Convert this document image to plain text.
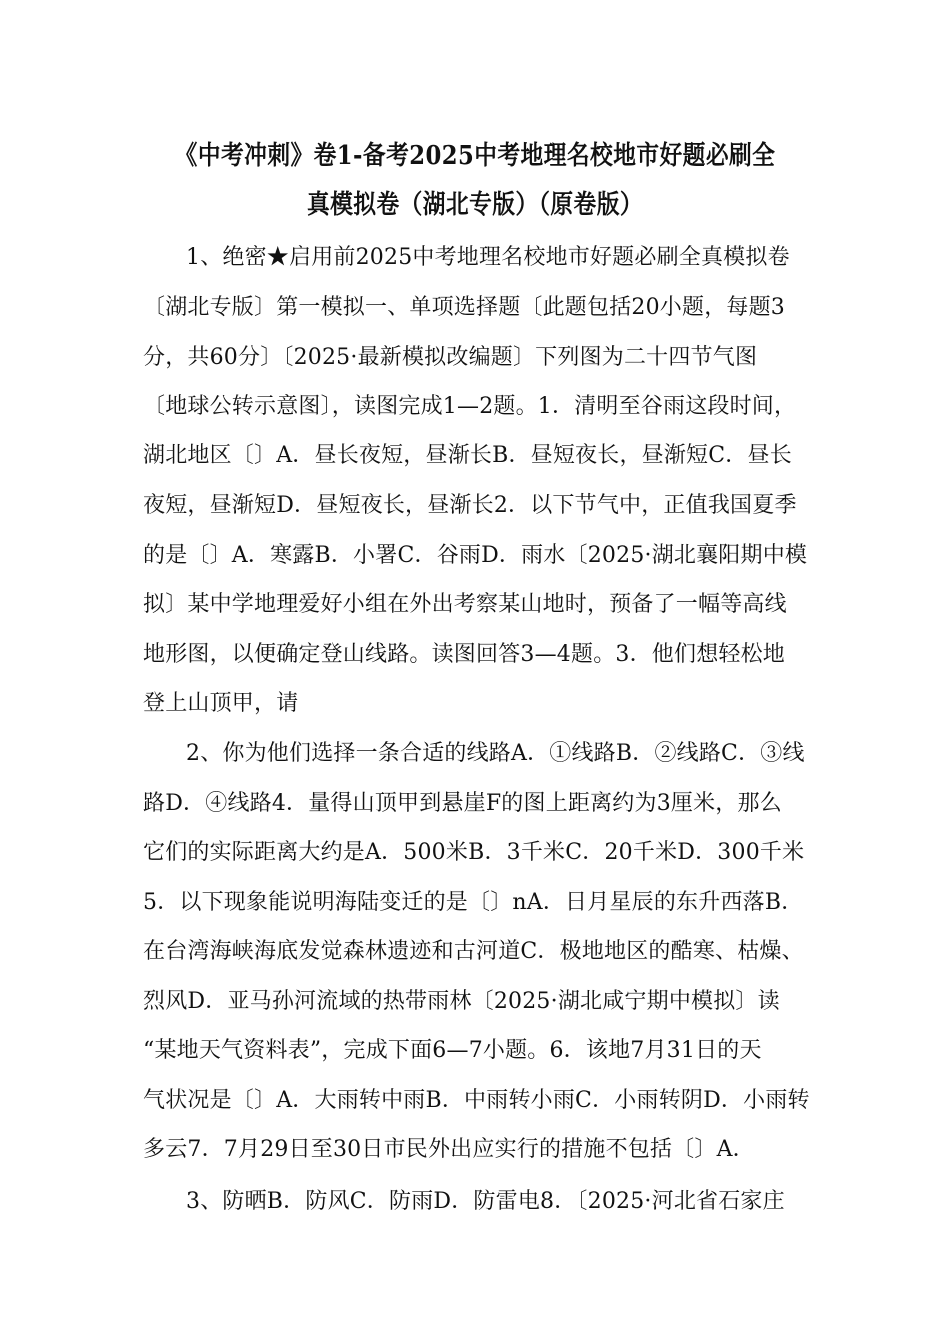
《中考冲刺》卷1-备考2025中考地理名校地市好题必刷全
真模拟卷（湖北专版）（原卷版）
1、绝密★启用前2025中考地理名校地市好题必刷全真模拟卷
〔湖北专版〕第一模拟一、单项选择题〔此题包括20小题，每题3
分，共60分〕〔2025·最新模拟改编题〕下列图为二十四节气图
〔地球公转示意图〕，读图完成1—2题。1．清明至谷雨这段时间，
湖北地区〔〕A．昼长夜短，昼渐长B．昼短夜长，昼渐短C．昼长
夜短，昼渐短D．昼短夜长，昼渐长2．以下节气中，正值我国夏季
的是〔〕A．寒露B．小署C．谷雨D．雨水〔2025·湖北襄阳期中模
拟〕某中学地理爱好小组在外出考察某山地时，预备了一幅等高线
地形图，以便确定登山线路。读图回答3—4题。3．他们想轻松地
登上山顶甲，请
2、你为他们选择一条合适的线路A．①线路B．②线路C．③线
路D．④线路4．量得山顶甲到悬崖F的图上距离约为3厘米，那么
它们的实际距离大约是A．500米B．3千米C．20千米D．300千米
5．以下现象能说明海陆变迁的是〔〕nA．日月星辰的东升西落B．
在台湾海峡海底发觉森林遗迹和古河道C．极地地区的酷寒、枯燥、
烈风D．亚马孙河流域的热带雨林〔2025·湖北咸宁期中模拟〕读
“某地天气资料表”，完成下面6—7小题。6．该地7月31日的天
气状况是〔〕A．大雨转中雨B．中雨转小雨C．小雨转阴D．小雨转
多云7．7月29日至30日市民外出应实行的措施不包括〔〕A．
3、防晒B．防风C．防雨D．防雷电8．〔2025·河北省石家庄
